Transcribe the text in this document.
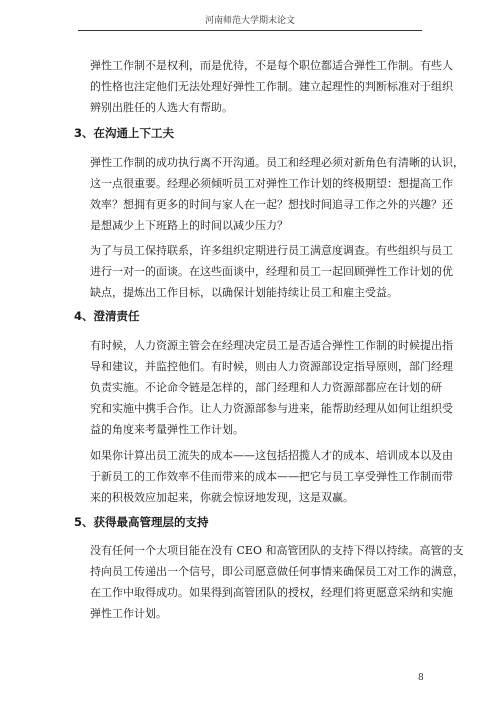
河南师范大学期末论文

弹性工作制不是权利，而是优待，不是每个职位都适合弹性工作制。有些人
的性格也注定他们无法处理好弹性工作制。建立起理性的判断标准对于组织
辨别出胜任的人选大有帮助。

3、在沟通上下工夫

弹性工作制的成功执行离不开沟通。员工和经理必须对新角色有清晰的认识，
这一点很重要。经理必须倾听员工对弹性工作计划的终极期望：想提高工作
效率？想拥有更多的时间与家人在一起？想找时间追寻工作之外的兴趣？还
是想减少上下班路上的时间以减少压力？

为了与员工保持联系，许多组织定期进行员工满意度调查。有些组织与员工
进行一对一的面谈。在这些面谈中，经理和员工一起回顾弹性工作计划的优
缺点，提炼出工作目标，以确保计划能持续让员工和雇主受益。

4、澄清责任

有时候，人力资源主管会在经理决定员工是否适合弹性工作制的时候提出指
导和建议，并监控他们。有时候，则由人力资源部设定指导原则，部门经理
负责实施。不论命令链是怎样的，部门经理和人力资源部都应在计划的研
究和实施中携手合作。让人力资源部参与进来，能帮助经理从如何让组织受
益的角度来考量弹性工作计划。

如果你计算出员工流失的成本——这包括招揽人才的成本、培训成本以及由
于新员工的工作效率不佳而带来的成本——把它与员工享受弹性工作制而带
来的积极效应加起来，你就会惊讶地发现，这是双赢。

5、获得最高管理层的支持

没有任何一个大项目能在没有 CEO 和高管团队的支持下得以持续。高管的支
持向员工传递出一个信号，即公司愿意做任何事情来确保员工对工作的满意，
在工作中取得成功。如果得到高管团队的授权，经理们将更愿意采纳和实施
弹性工作计划。

8
